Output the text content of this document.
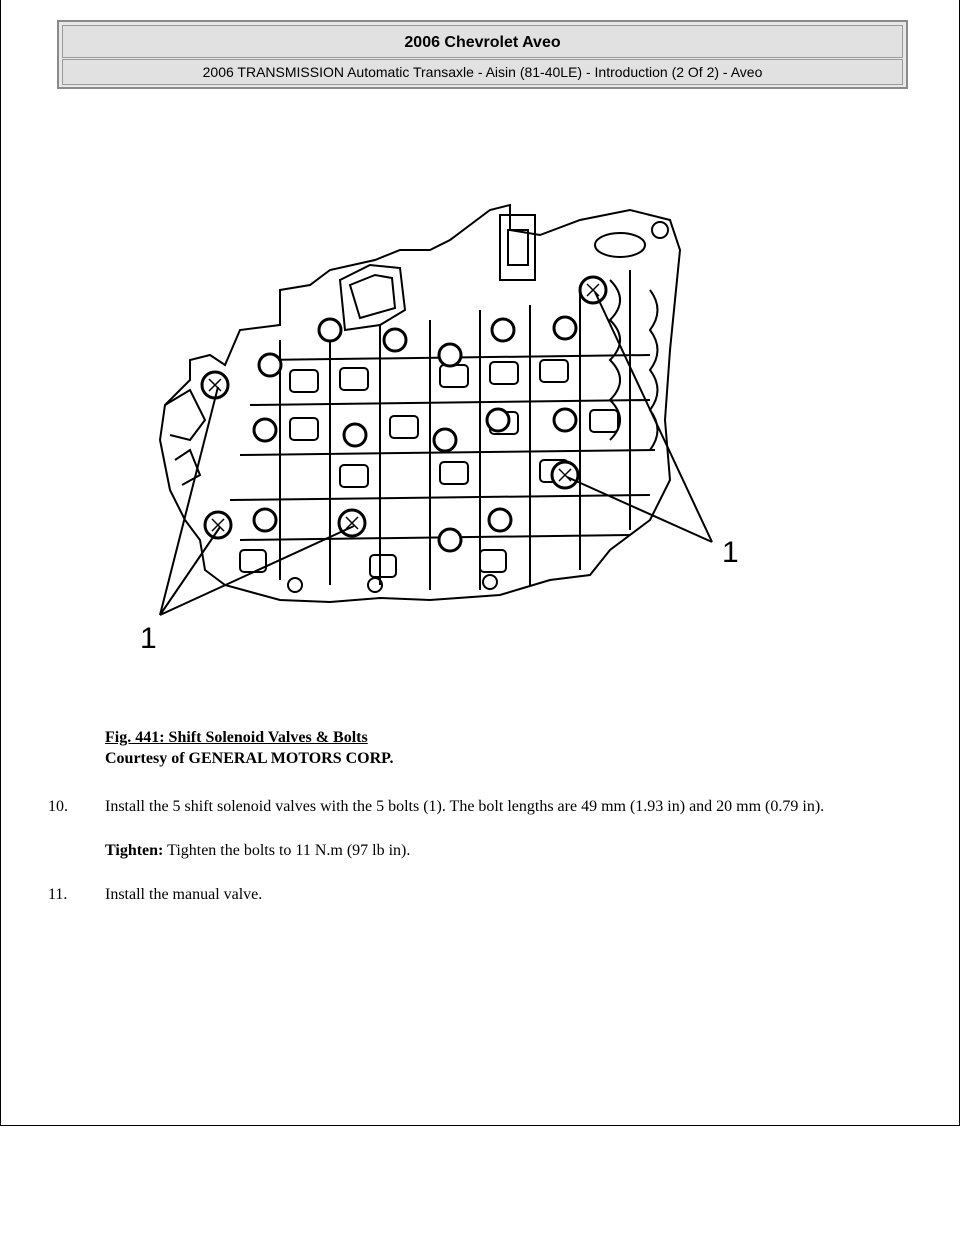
2006 Chevrolet Aveo
2006 TRANSMISSION Automatic Transaxle - Aisin (81-40LE) - Introduction (2 Of 2) - Aveo
1
1
Fig. 441: Shift Solenoid Valves & Bolts
Courtesy of GENERAL MOTORS CORP.
10. Install the 5 shift solenoid valves with the 5 bolts (1). The bolt lengths are 49 mm (1.93 in) and 20 mm (0.79 in).
Tighten: Tighten the bolts to 11 N.m (97 lb in).
11. Install the manual valve.
